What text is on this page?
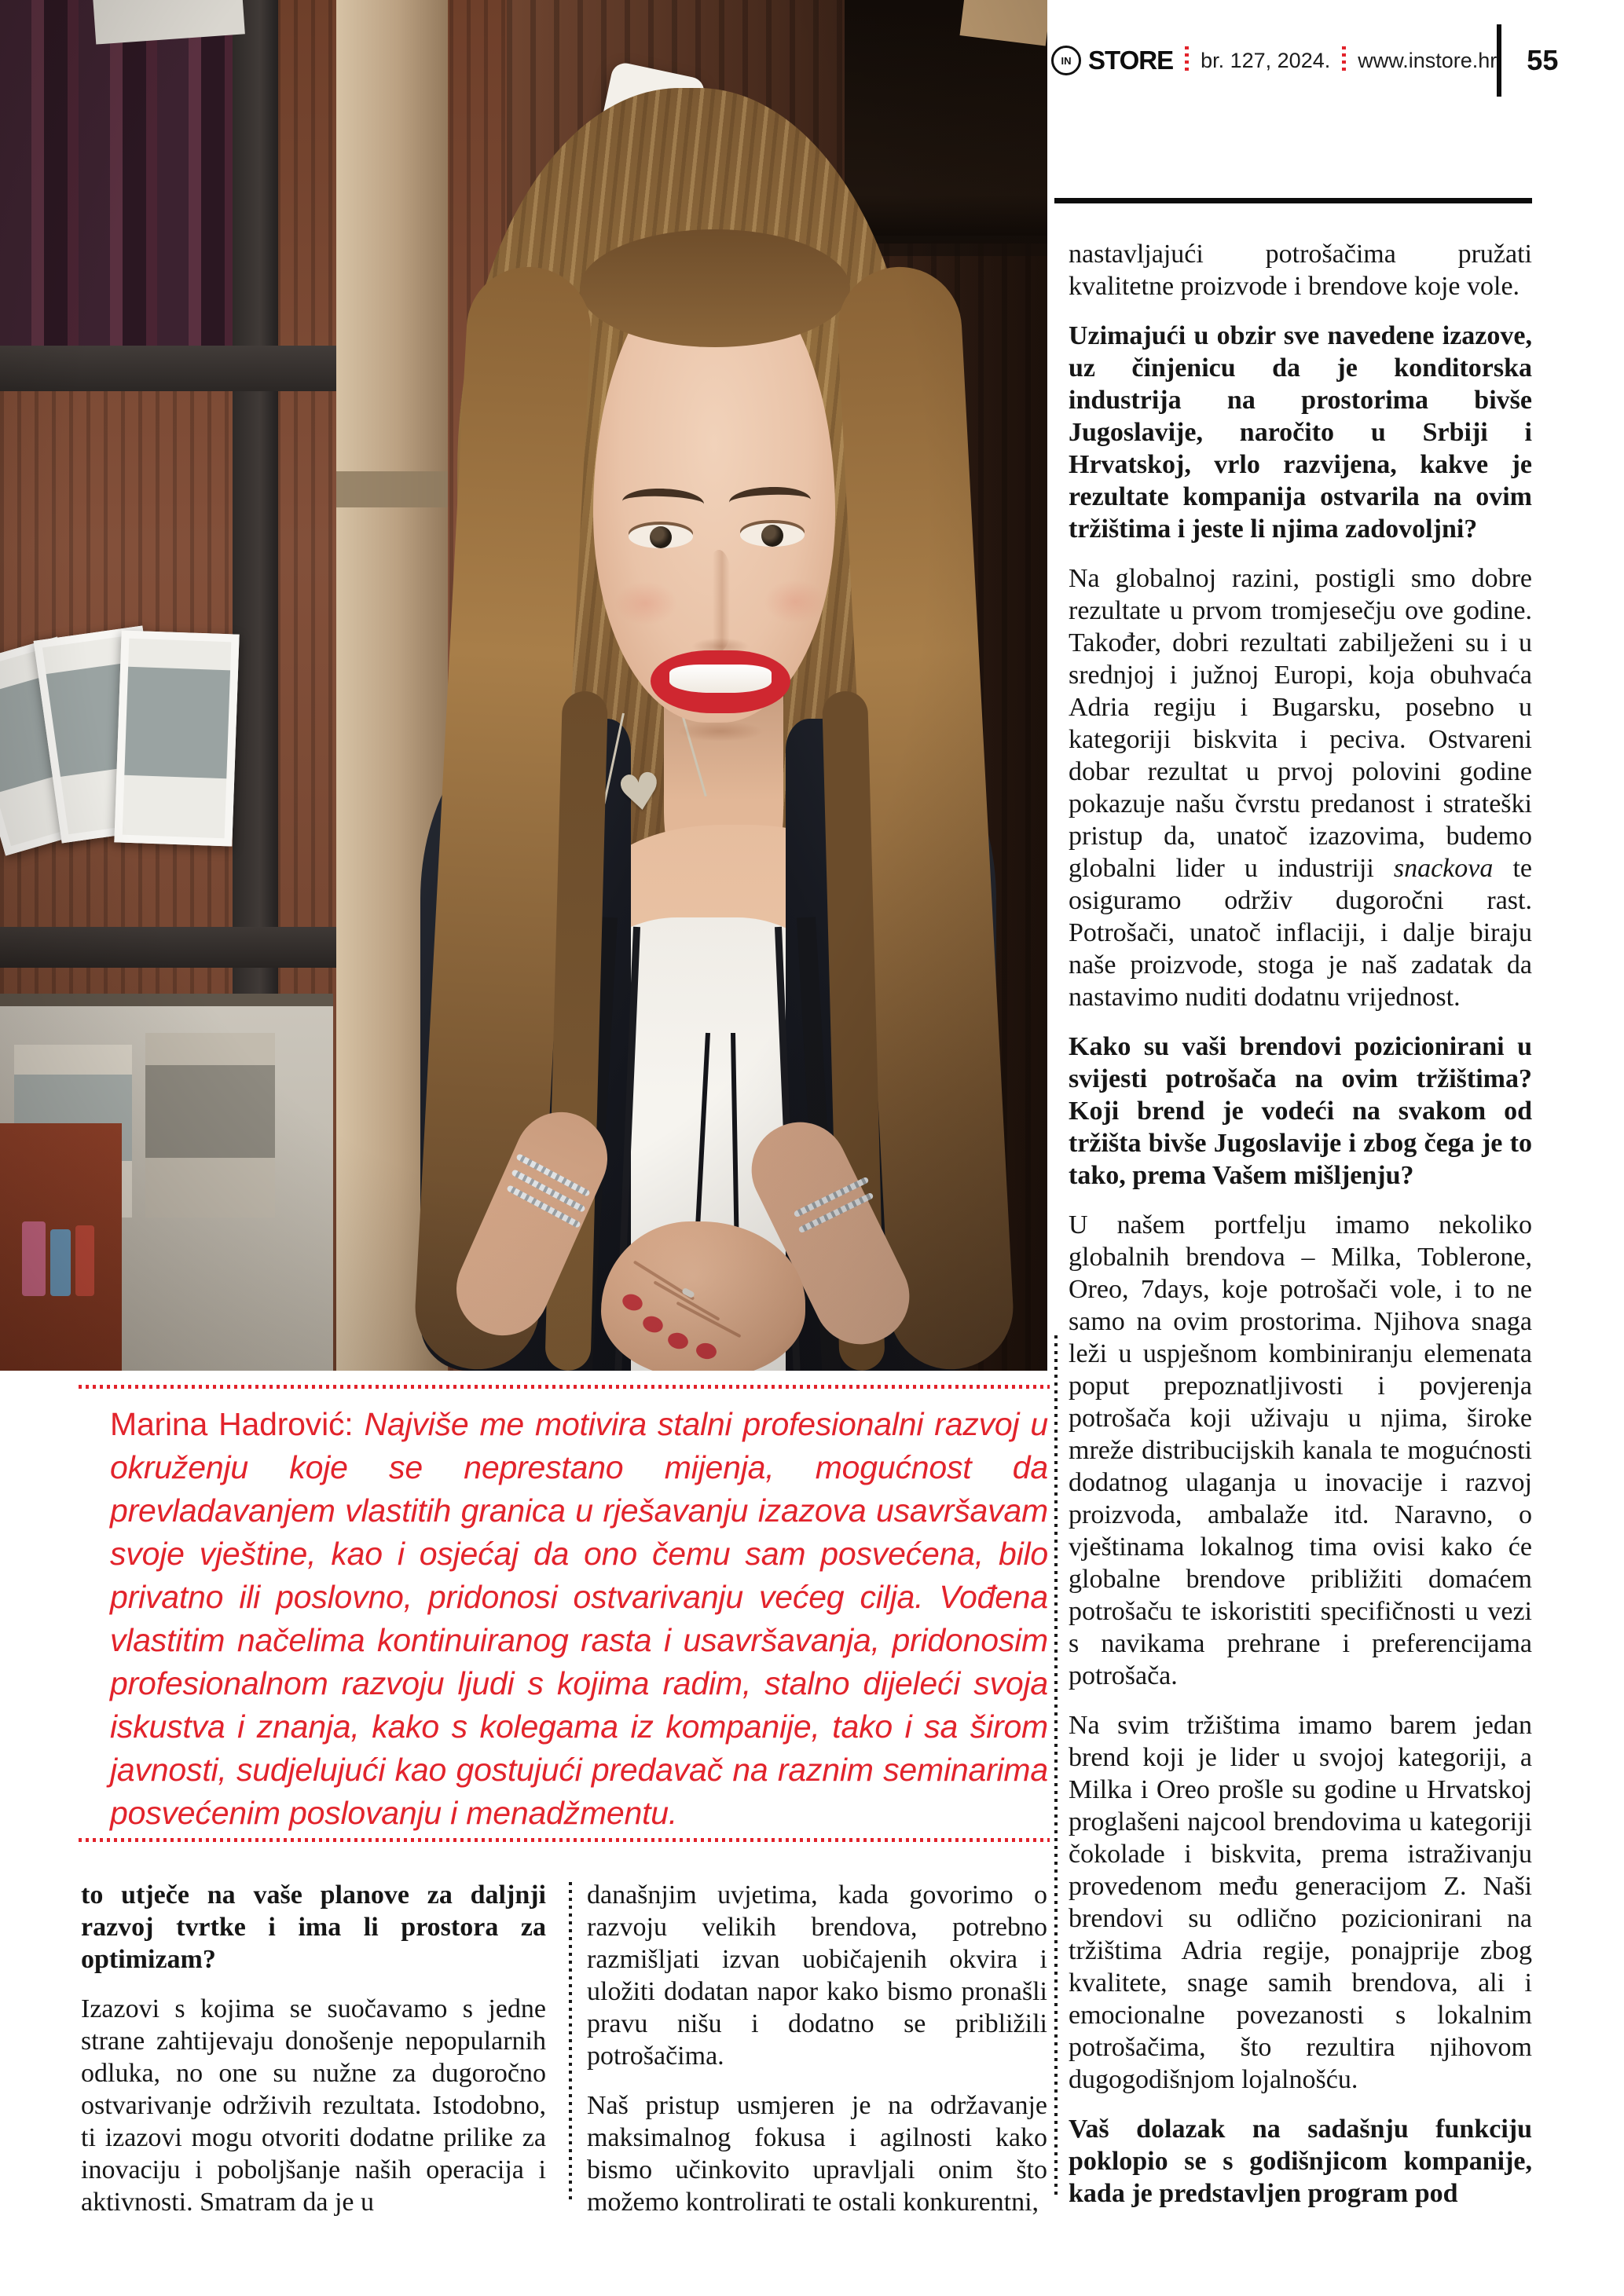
IN STORE br. 127, 2024. www.instore.hr 55
Marina Hadrović: Najviše me motivira stalni profesionalni razvoj u okruženju koje se neprestano mijenja, mogućnost da prevladavanjem vlastitih granica u rješavanju izazova usavršavam svoje vještine, kao i osjećaj da ono čemu sam posvećena, bilo privatno ili poslovno, pridonosi ostvarivanju većeg cilja. Vođena vlastitim načelima kontinuiranog rasta i usavršavanja, pridonosim profesionalnom razvoju ljudi s kojima radim, stalno dijeleći svoja iskustva i znanja, kako s kolegama iz kompanije, tako i sa širom javnosti, sudjelujući kao gostujući predavač na raznim seminarima posvećenim poslovanju i menadžmentu.

to utječe na vaše planove za daljnji razvoj tvrtke i ima li prostora za optimizam?

Izazovi s kojima se suočavamo s jedne strane zahtijevaju donošenje nepopularnih odluka, no one su nužne za dugoročno ostvarivanje održivih rezultata. Istodobno, ti izazovi mogu otvoriti dodatne prilike za inovaciju i poboljšanje naših operacija i aktivnosti. Smatram da je u

današnjim uvjetima, kada govorimo o razvoju velikih brendova, potrebno razmišljati izvan uobičajenih okvira i uložiti dodatan napor kako bismo pronašli pravu nišu i dodatno se približili potrošačima.

Naš pristup usmjeren je na održavanje maksimalnog fokusa i agilnosti kako bismo učinkovito upravljali onim što možemo kontrolirati te ostali konkurentni,

nastavljajući potrošačima pružati kvalitetne proizvode i brendove koje vole.

Uzimajući u obzir sve navedene izazove, uz činjenicu da je konditorska industrija na prostorima bivše Jugoslavije, naročito u Srbiji i Hrvatskoj, vrlo razvijena, kakve je rezultate kompanija ostvarila na ovim tržištima i jeste li njima zadovoljni?

Na globalnoj razini, postigli smo dobre rezultate u prvom tromjesečju ove godine. Također, dobri rezultati zabilježeni su i u srednjoj i južnoj Europi, koja obuhvaća Adria regiju i Bugarsku, posebno u kategoriji biskvita i peciva. Ostvareni dobar rezultat u prvoj polovini godine pokazuje našu čvrstu predanost i strateški pristup da, unatoč izazovima, budemo globalni lider u industriji snackova te osiguramo održiv dugoročni rast. Potrošači, unatoč inflaciji, i dalje biraju naše proizvode, stoga je naš zadatak da nastavimo nuditi dodatnu vrijednost.

Kako su vaši brendovi pozicionirani u svijesti potrošača na ovim tržištima? Koji brend je vodeći na svakom od tržišta bivše Jugoslavije i zbog čega je to tako, prema Vašem mišljenju?

U našem portfelju imamo nekoliko globalnih brendova – Milka, Toblerone, Oreo, 7days, koje potrošači vole, i to ne samo na ovim prostorima. Njihova snaga leži u uspješnom kombiniranju elemenata poput prepoznatljivosti i povjerenja potrošača koji uživaju u njima, široke mreže distribucijskih kanala te mogućnosti dodatnog ulaganja u inovacije i razvoj proizvoda, ambalaže itd. Naravno, o vještinama lokalnog tima ovisi kako će globalne brendove približiti domaćem potrošaču te iskoristiti specifičnosti u vezi s navikama prehrane i preferencijama potrošača.

Na svim tržištima imamo barem jedan brend koji je lider u svojoj kategoriji, a Milka i Oreo prošle su godine u Hrvatskoj proglašeni najcool brendovima u kategoriji čokolade i biskvita, prema istraživanju provedenom među generacijom Z. Naši brendovi su odlično pozicionirani na tržištima Adria regije, ponajprije zbog kvalitete, snage samih brendova, ali i emocionalne povezanosti s lokalnim potrošačima, što rezultira njihovom dugogodišnjom lojalnošću.

Vaš dolazak na sadašnju funkciju poklopio se s godišnjicom kompanije, kada je predstavljen program pod
